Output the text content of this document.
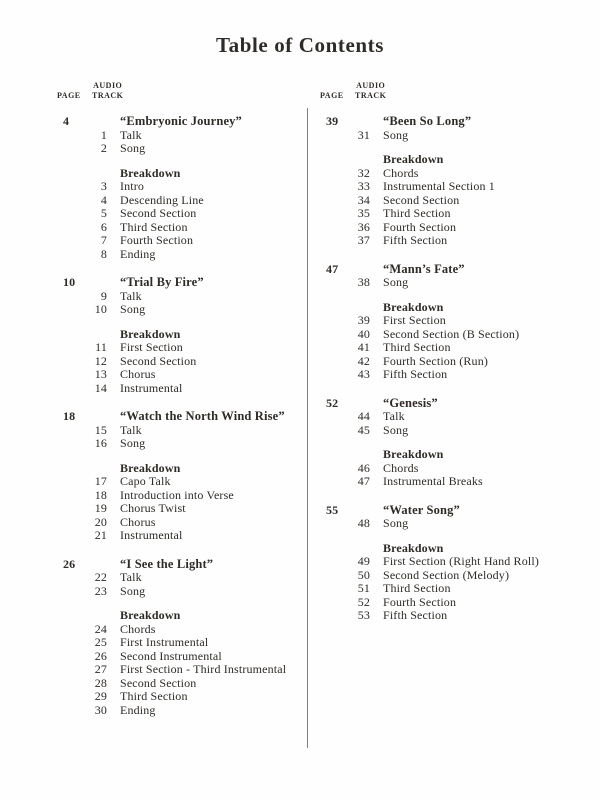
Table of Contents
PAGE
AUDIO
TRACK
4	“Embryonic Journey”
1 Talk
2 Song
Breakdown
3 Intro
4 Descending Line
5 Second Section
6 Third Section
7 Fourth Section
8 Ending
10	“Trial By Fire”
9 Talk
10 Song
Breakdown
11 First Section
12 Second Section
13 Chorus
14 Instrumental
18	“Watch the North Wind Rise”
15 Talk
16 Song
Breakdown
17 Capo Talk
18 Introduction into Verse
19 Chorus Twist
20 Chorus
21 Instrumental
26	“I See the Light”
22 Talk
23 Song
Breakdown
24 Chords
25 First Instrumental
26 Second Instrumental
27 First Section - Third Instrumental
28 Second Section
29 Third Section
30 Ending
PAGE
AUDIO
TRACK
39	“Been So Long”
31 Song
Breakdown
32 Chords
33 Instrumental Section 1
34 Second Section
35 Third Section
36 Fourth Section
37 Fifth Section
47	“Mann’s Fate”
38 Song
Breakdown
39 First Section
40 Second Section (B Section)
41 Third Section
42 Fourth Section (Run)
43 Fifth Section
52	“Genesis”
44 Talk
45 Song
Breakdown
46 Chords
47 Instrumental Breaks
55	“Water Song”
48 Song
Breakdown
49 First Section (Right Hand Roll)
50 Second Section (Melody)
51 Third Section
52 Fourth Section
53 Fifth Section
